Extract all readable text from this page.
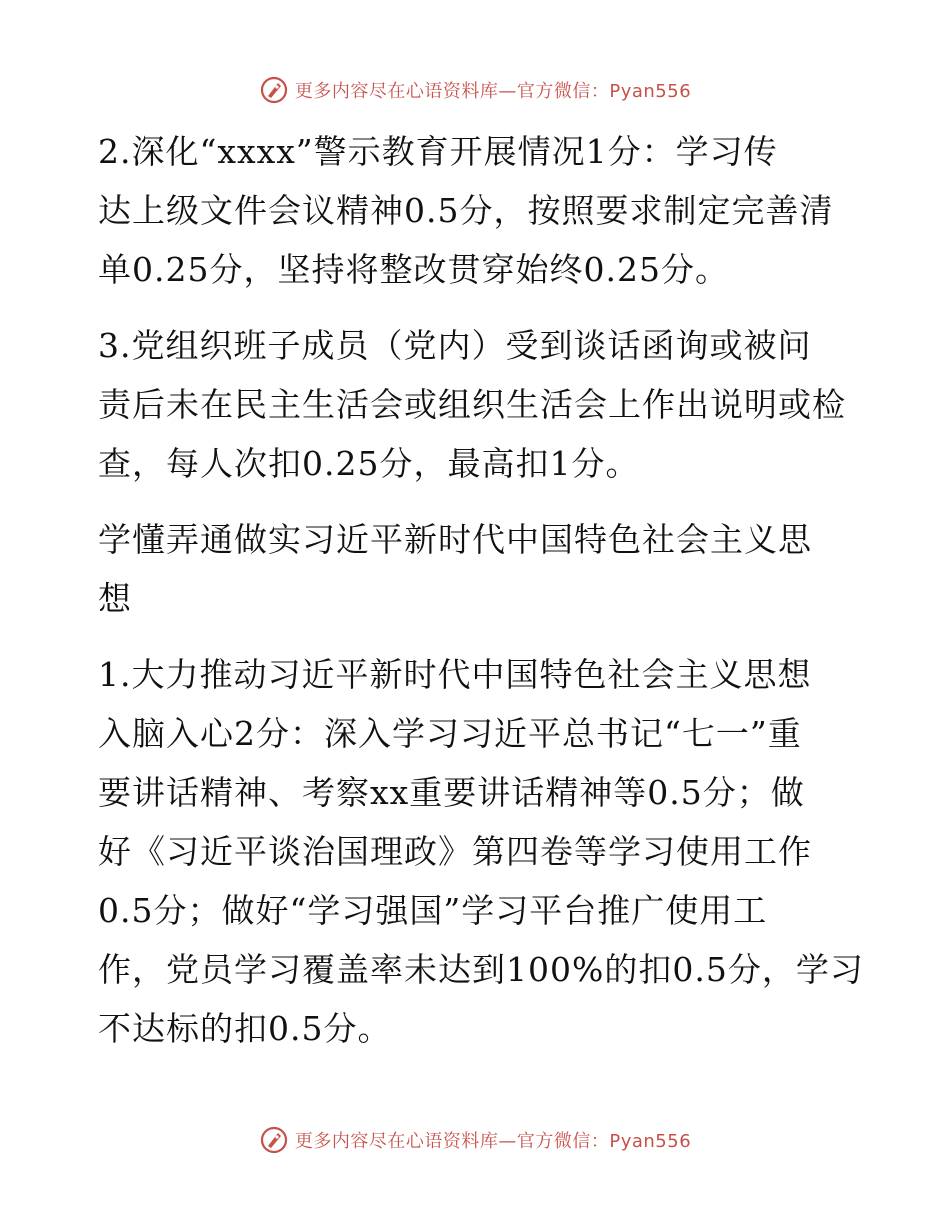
更多内容尽在心语资料库—官方微信：Pyan556
2.深化“xxxx”警示教育开展情况1分：学习传
达上级文件会议精神0.5分，按照要求制定完善清
单0.25分，坚持将整改贯穿始终0.25分。
3.党组织班子成员（党内）受到谈话函询或被问
责后未在民主生活会或组织生活会上作出说明或检
查，每人次扣0.25分，最高扣1分。
学懂弄通做实习近平新时代中国特色社会主义思
想
1.大力推动习近平新时代中国特色社会主义思想
入脑入心2分：深入学习习近平总书记“七一”重
要讲话精神、考察xx重要讲话精神等0.5分；做
好《习近平谈治国理政》第四卷等学习使用工作
0.5分；做好“学习强国”学习平台推广使用工
作，党员学习覆盖率未达到100%的扣0.5分，学习
不达标的扣0.5分。
更多内容尽在心语资料库—官方微信：Pyan556
